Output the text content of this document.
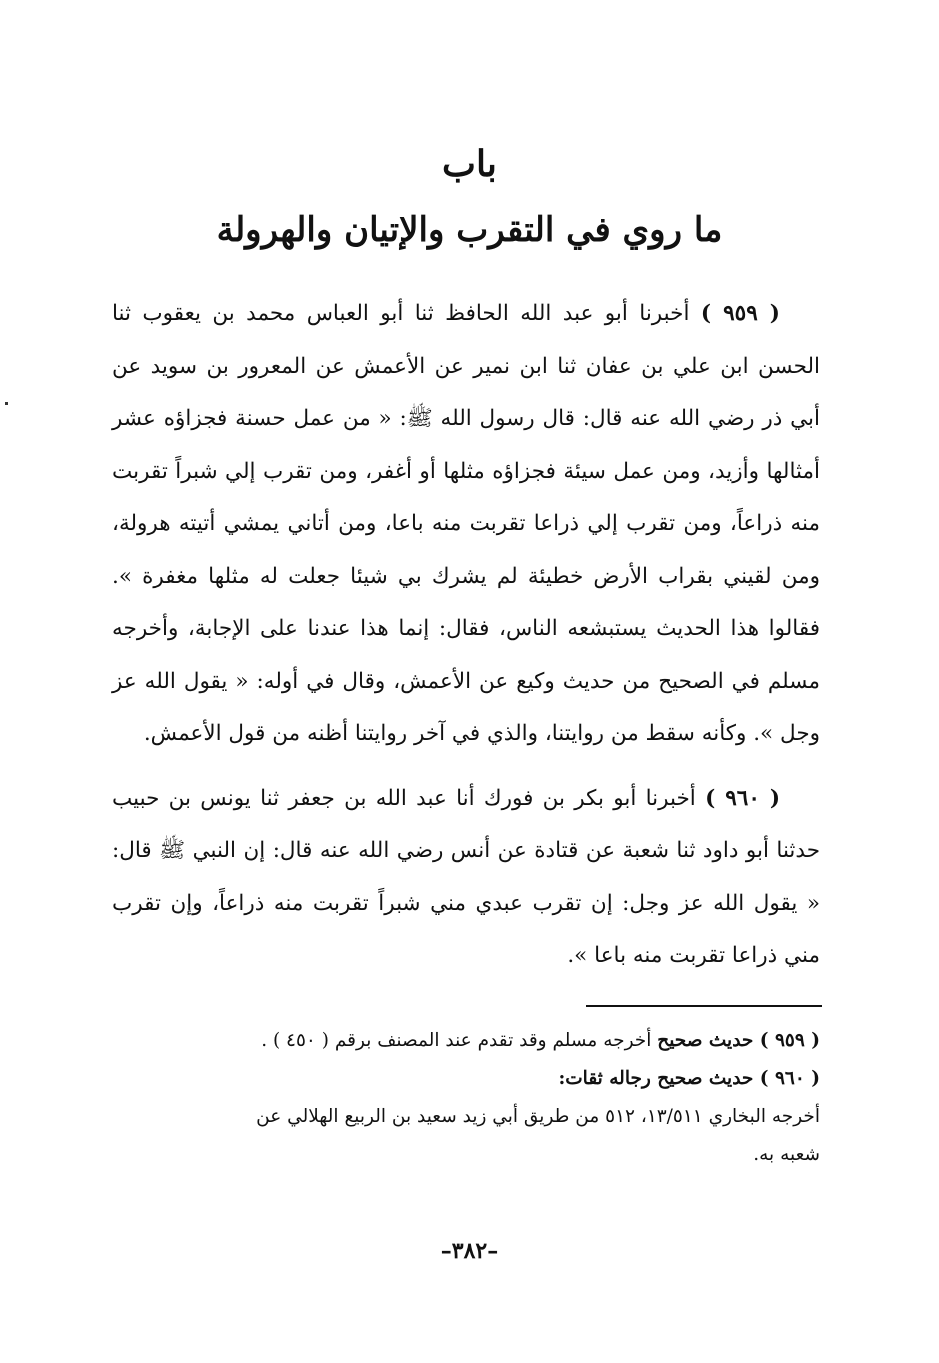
باب
ما روي في التقرب والإتيان والهرولة

( ٩٥٩ ) أخبرنا أبو عبد الله الحافظ ثنا أبو العباس محمد بن يعقوب ثنا الحسن ابن علي بن عفان ثنا ابن نمير عن الأعمش عن المعرور بن سويد عن أبي ذر رضي الله عنه قال: قال رسول الله ﷺ: « من عمل حسنة فجزاؤه عشر أمثالها وأزيد، ومن عمل سيئة فجزاؤه مثلها أو أغفر، ومن تقرب إلي شبراً تقربت منه ذراعاً، ومن تقرب إلي ذراعا تقربت منه باعا، ومن أتاني يمشي أتيته هرولة، ومن لقيني بقراب الأرض خطيئة لم يشرك بي شيئا جعلت له مثلها مغفرة ». فقالوا هذا الحديث يستبشعه الناس، فقال: إنما هذا عندنا على الإجابة، وأخرجه مسلم في الصحيح من حديث وكيع عن الأعمش، وقال في أوله: « يقول الله عز وجل ». وكأنه سقط من روايتنا، والذي في آخر روايتنا أظنه من قول الأعمش.

( ٩٦٠ ) أخبرنا أبو بكر بن فورك أنا عبد الله بن جعفر ثنا يونس بن حبيب حدثنا أبو داود ثنا شعبة عن قتادة عن أنس رضي الله عنه قال: إن النبي ﷺ قال: « يقول الله عز وجل: إن تقرب عبدي مني شبراً تقربت منه ذراعاً، وإن تقرب مني ذراعا تقربت منه باعا ».

( ٩٥٩ ) حديث صحيح أخرجه مسلم وقد تقدم عند المصنف برقم ( ٤٥٠ ) .

( ٩٦٠ ) حديث صحيح رجاله ثقات:

أخرجه البخاري ١٣/٥١١، ٥١٢ من طريق أبي زيد سعيد بن الربيع الهلالي عن

شعبه به.

–٣٨٢–
